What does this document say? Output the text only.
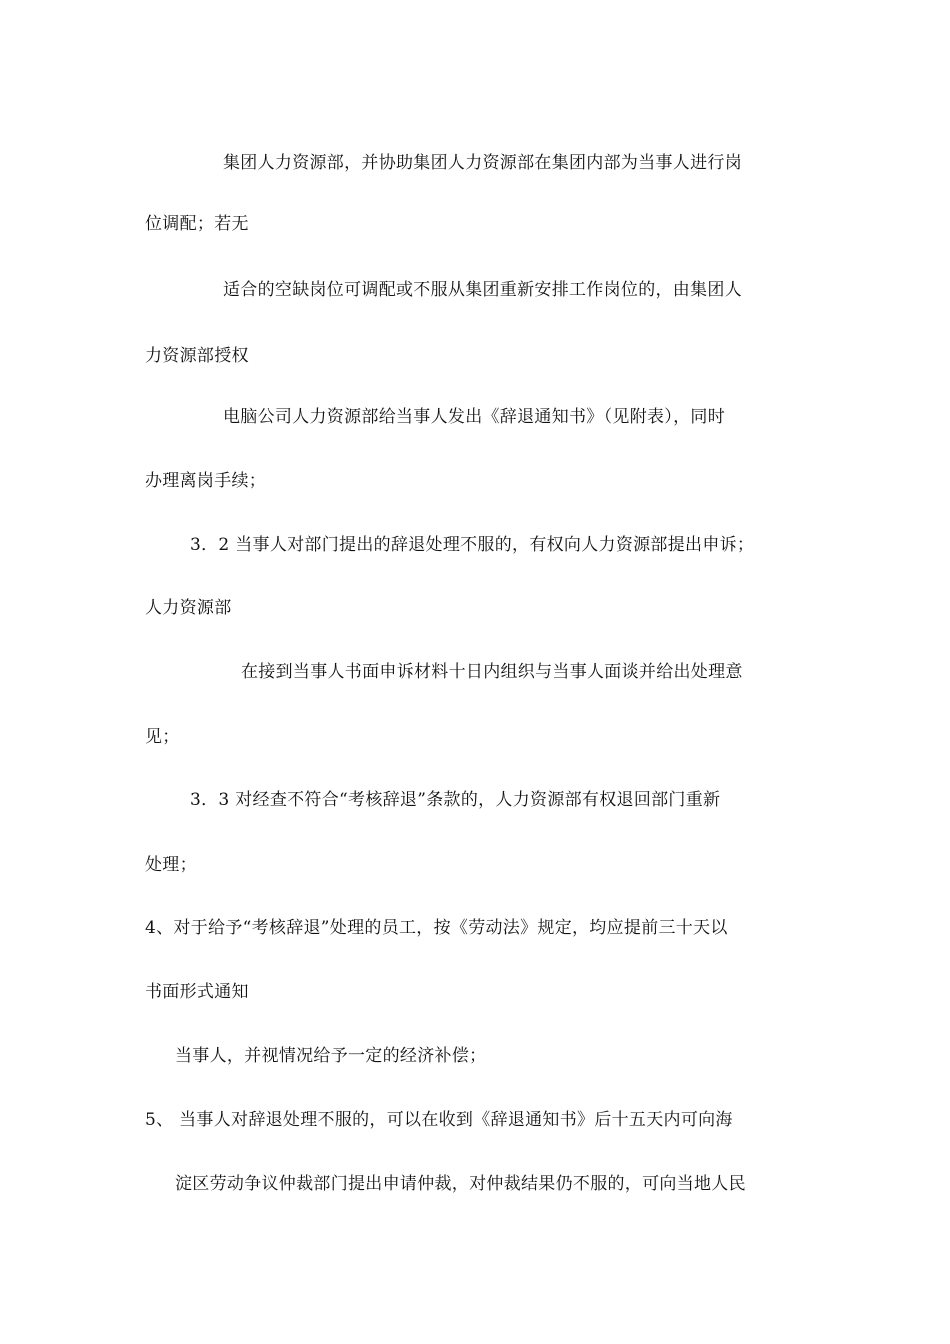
集团人力资源部，并协助集团人力资源部在集团内部为当事人进行岗
位调配；若无
适合的空缺岗位可调配或不服从集团重新安排工作岗位的，由集团人
力资源部授权
电脑公司人力资源部给当事人发出《辞退通知书》（见附表），同时
办理离岗手续；
3．2 当事人对部门提出的辞退处理不服的，有权向人力资源部提出申诉；
人力资源部
在接到当事人书面申诉材料十日内组织与当事人面谈并给出处理意
见；
3．3 对经查不符合“考核辞退”条款的，人力资源部有权退回部门重新
处理；
4、对于给予“考核辞退”处理的员工，按《劳动法》规定，均应提前三十天以
书面形式通知
当事人，并视情况给予一定的经济补偿；
5、 当事人对辞退处理不服的，可以在收到《辞退通知书》后十五天内可向海
淀区劳动争议仲裁部门提出申请仲裁，对仲裁结果仍不服的，可向当地人民
